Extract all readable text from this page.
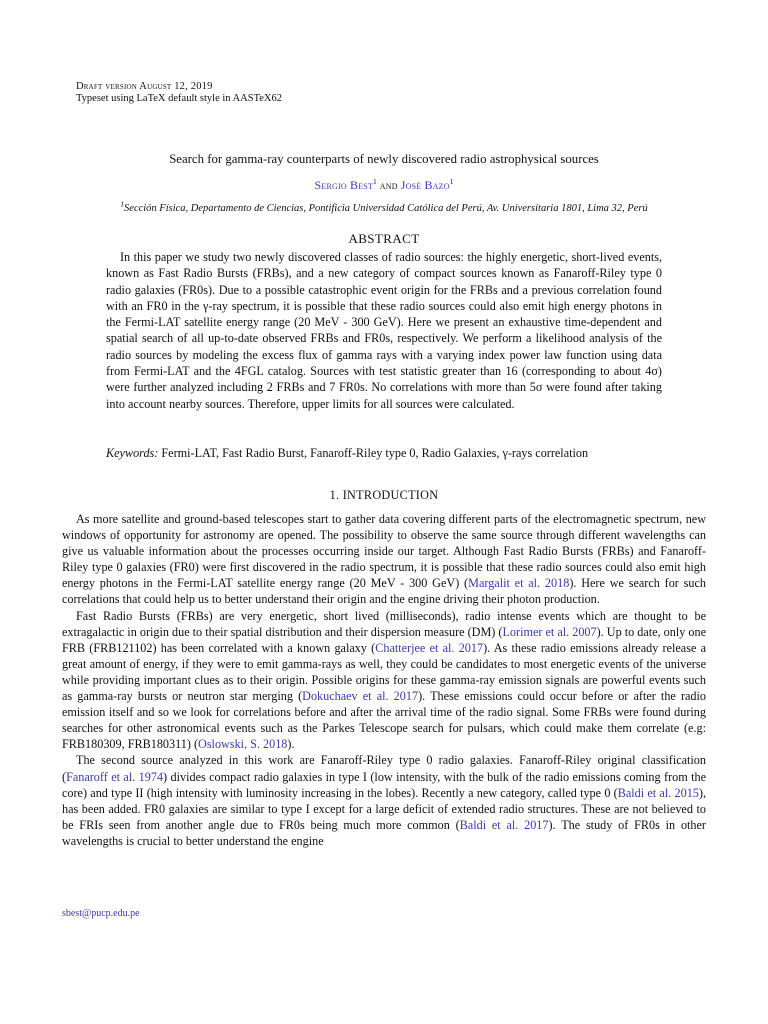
Draft version August 12, 2019
Typeset using LaTeX default style in AASTeX62
Search for gamma-ray counterparts of newly discovered radio astrophysical sources
Sergio Best$^1$ and José Bazo$^1$
$^1$Sección Física, Departamento de Ciencias, Pontificia Universidad Católica del Perú, Av. Universitaria 1801, Lima 32, Perú
ABSTRACT
In this paper we study two newly discovered classes of radio sources: the highly energetic, short-lived events, known as Fast Radio Bursts (FRBs), and a new category of compact sources known as Fanaroff-Riley type 0 radio galaxies (FR0s). Due to a possible catastrophic event origin for the FRBs and a previous correlation found with an FR0 in the γ-ray spectrum, it is possible that these radio sources could also emit high energy photons in the Fermi-LAT satellite energy range (20 MeV - 300 GeV). Here we present an exhaustive time-dependent and spatial search of all up-to-date observed FRBs and FR0s, respectively. We perform a likelihood analysis of the radio sources by modeling the excess flux of gamma rays with a varying index power law function using data from Fermi-LAT and the 4FGL catalog. Sources with test statistic greater than 16 (corresponding to about 4σ) were further analyzed including 2 FRBs and 7 FR0s. No correlations with more than 5σ were found after taking into account nearby sources. Therefore, upper limits for all sources were calculated.
Keywords: Fermi-LAT, Fast Radio Burst, Fanaroff-Riley type 0, Radio Galaxies, γ-rays correlation
1. INTRODUCTION

As more satellite and ground-based telescopes start to gather data covering different parts of the electromagnetic spectrum, new windows of opportunity for astronomy are opened. The possibility to observe the same source through different wavelengths can give us valuable information about the processes occurring inside our target. Although Fast Radio Bursts (FRBs) and Fanaroff-Riley type 0 galaxies (FR0) were first discovered in the radio spectrum, it is possible that these radio sources could also emit high energy photons in the Fermi-LAT satellite energy range (20 MeV - 300 GeV) (Margalit et al. 2018). Here we search for such correlations that could help us to better understand their origin and the engine driving their photon production.

Fast Radio Bursts (FRBs) are very energetic, short lived (milliseconds), radio intense events which are thought to be extragalactic in origin due to their spatial distribution and their dispersion measure (DM) (Lorimer et al. 2007). Up to date, only one FRB (FRB121102) has been correlated with a known galaxy (Chatterjee et al. 2017). As these radio emissions already release a great amount of energy, if they were to emit gamma-rays as well, they could be candidates to most energetic events of the universe while providing important clues as to their origin. Possible origins for these gamma-ray emission signals are powerful events such as gamma-ray bursts or neutron star merging (Dokuchaev et al. 2017). These emissions could occur before or after the radio emission itself and so we look for correlations before and after the arrival time of the radio signal. Some FRBs were found during searches for other astronomical events such as the Parkes Telescope search for pulsars, which could make them correlate (e.g: FRB180309, FRB180311) (Oslowski, S. 2018).

The second source analyzed in this work are Fanaroff-Riley type 0 radio galaxies. Fanaroff-Riley original classification (Fanaroff et al. 1974) divides compact radio galaxies in type I (low intensity, with the bulk of the radio emissions coming from the core) and type II (high intensity with luminosity increasing in the lobes). Recently a new category, called type 0 (Baldi et al. 2015), has been added. FR0 galaxies are similar to type I except for a large deficit of extended radio structures. These are not believed to be FRIs seen from another angle due to FR0s being much more common (Baldi et al. 2017). The study of FR0s in other wavelengths is crucial to better understand the engine

sbest@pucp.edu.pe
